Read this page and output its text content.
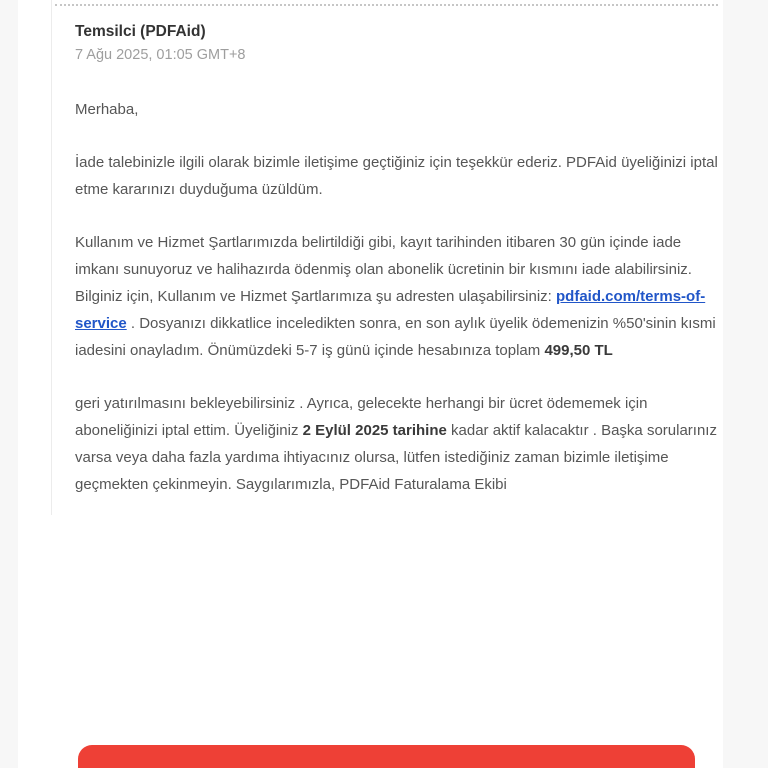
Temsilci (PDFAid)
7 Ağu 2025, 01:05 GMT+8
Merhaba,
İade talebinizle ilgili olarak bizimle iletişime geçtiğiniz için teşekkür ederiz. PDFAid üyeliğinizi iptal etme kararınızı duyduğuma üzüldüm.
Kullanım ve Hizmet Şartlarımızda belirtildiği gibi, kayıt tarihinden itibaren 30 gün içinde iade imkanı sunuyoruz ve halihazırda ödenmiş olan abonelik ücretinin bir kısmını iade alabilirsiniz. Bilginiz için, Kullanım ve Hizmet Şartlarımıza şu adresten ulaşabilirsiniz: pdfaid.com/terms-of-service . Dosyanızı dikkatlice inceledikten sonra, en son aylık üyelik ödemenizin %50'sinin kısmi iadesini onayladım. Önümüzdeki 5-7 iş günü içinde hesabınıza toplam 499,50 TL
geri yatırılmasını bekleyebilirsiniz . Ayrıca, gelecekte herhangi bir ücret ödememek için aboneliğinizi iptal ettim. Üyeliğiniz 2 Eylül 2025 tarihine kadar aktif kalacaktır . Başka sorularınız varsa veya daha fazla yardıma ihtiyacınız olursa, lütfen istediğiniz zaman bizimle iletişime geçmekten çekinmeyin. Saygılarımızla, PDFAid Faturalama Ekibi
